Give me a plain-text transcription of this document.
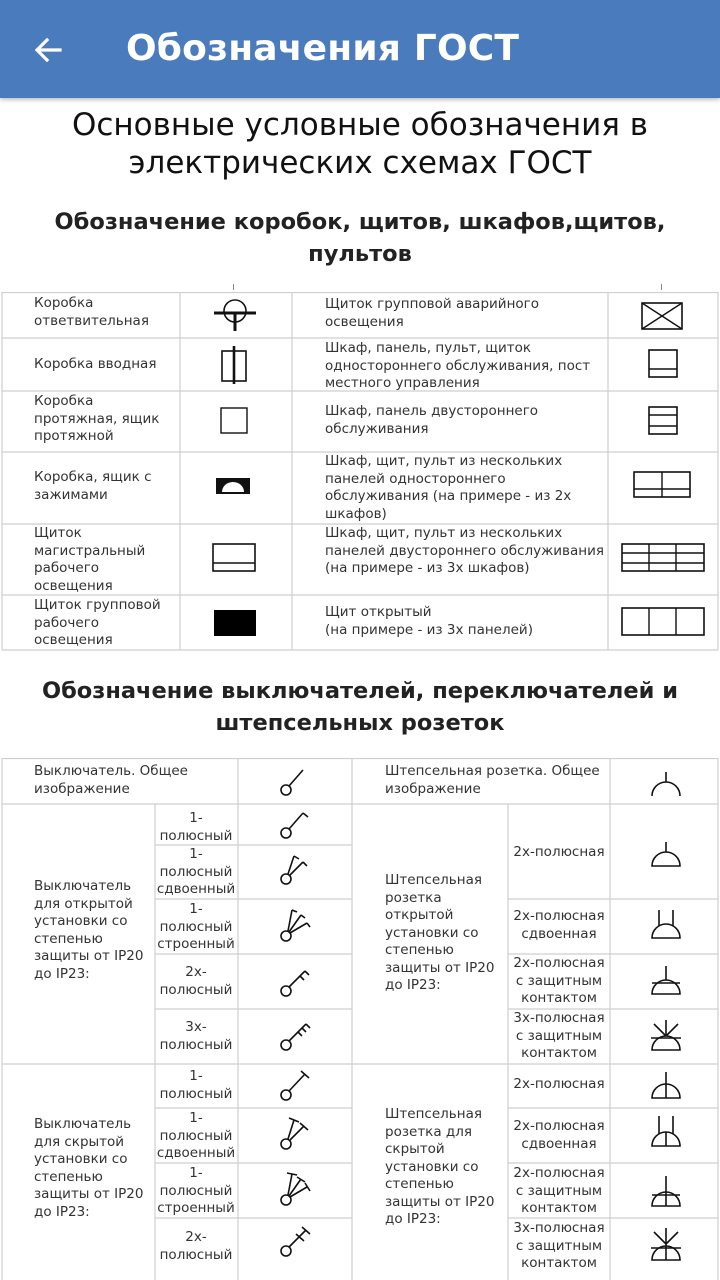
Обозначения ГОСТ
Основные условные обозначения в электрических схемах ГОСТ
Обозначение коробок, щитов, шкафов,щитов, пультов
Коробка ответвительная
Щиток групповой аварийного освещения
Коробка вводная
Шкаф, панель, пульт, щиток одностороннего обслуживания, пост местного управления
Коробка протяжная, ящик протяжной
Шкаф, панель двустороннего обслуживания
Коробка, ящик с зажимами
Шкаф, щит, пульт из нескольких панелей одностороннего обслуживания (на примере - из 2х шкафов)
Щиток магистральный рабочего освещения
Шкаф, щит, пульт из нескольких панелей двустороннего обслуживания (на примере - из 3х шкафов)
Щиток групповой рабочего освещения
Щит открытый
(на примере - из 3х панелей)
Обозначение выключателей, переключателей и штепсельных розеток
Выключатель. Общее изображение
Штепсельная розетка. Общее изображение
Выключатель для открытой установки со степенью защиты от IP20 до IP23:
1-полюсный
1-полюсный сдвоенный
1-полюсный строенный
2х-полюсный
3х-полюсный
Штепсельная розетка открытой установки со степенью защиты от IP20 до IP23:
2х-полюсная
2х-полюсная сдвоенная
2х-полюсная с защитным контактом
3х-полюсная с защитным контактом
Выключатель для скрытой установки со степенью защиты от IP20 до IP23:
1-полюсный
1-полюсный сдвоенный
1-полюсный строенный
2х-полюсный
Штепсельная розетка для скрытой установки со степенью защиты от IP20 до IP23:
2х-полюсная
2х-полюсная сдвоенная
2х-полюсная с защитным контактом
3х-полюсная с защитным контактом
